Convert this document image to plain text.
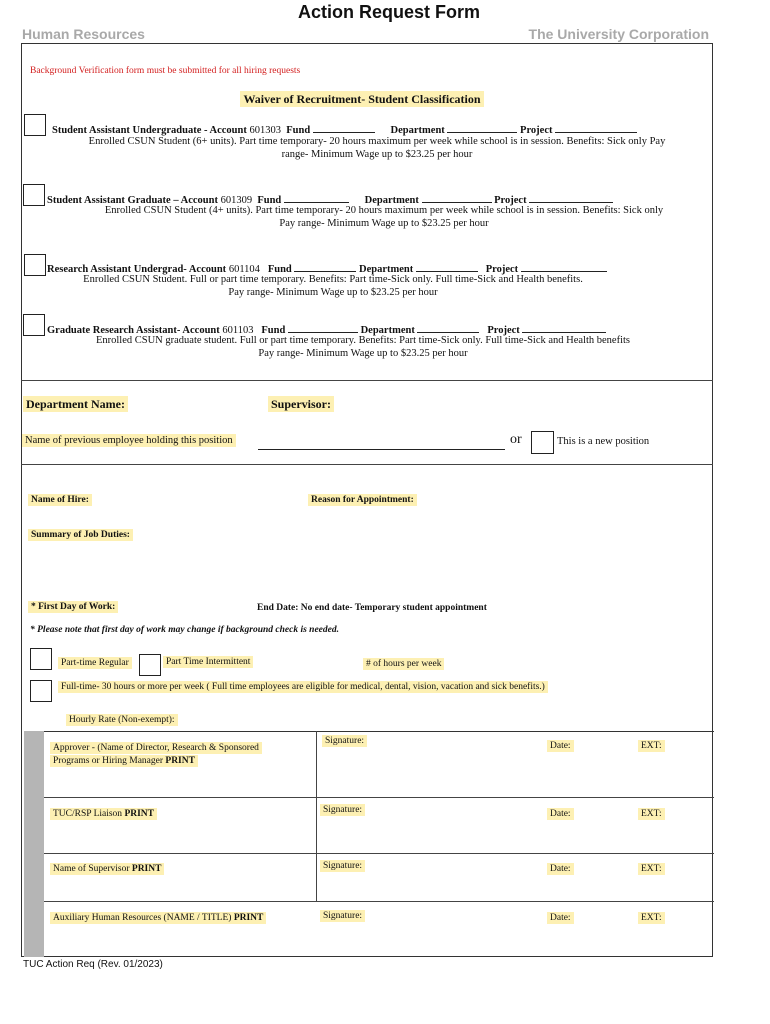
Action Request Form
Human Resources	The University Corporation
Background Verification form must be submitted for all hiring requests
Waiver of Recruitment- Student Classification
Student Assistant Undergraduate - Account 601303 Fund	Department	Project
Enrolled CSUN Student (6+ units). Part time temporary- 20 hours maximum per week while school is in session. Benefits: Sick only Pay
range- Minimum Wage up to $23.25 per hour
Student Assistant Graduate – Account 601309 Fund	Department	Project
Enrolled CSUN Student (4+ units). Part time temporary- 20 hours maximum per week while school is in session. Benefits: Sick only
Pay range- Minimum Wage up to $23.25 per hour
Research Assistant Undergrad- Account 601104 Fund	Department	Project
Enrolled CSUN Student. Full or part time temporary. Benefits: Part time-Sick only. Full time-Sick and Health benefits.
Pay range- Minimum Wage up to $23.25 per hour
Graduate Research Assistant- Account 601103 Fund	Department	Project
Enrolled CSUN graduate student. Full or part time temporary. Benefits: Part time-Sick only. Full time-Sick and Health benefits
Pay range- Minimum Wage up to $23.25 per hour
Department Name:	Supervisor:
Name of previous employee holding this position	or	This is a new position
Name of Hire:	Reason for Appointment:
Summary of Job Duties:
* First Day of Work:	End Date: No end date- Temporary student appointment
* Please note that first day of work may change if background check is needed.
Part-time Regular	Part Time Intermittent	# of hours per week
Full-time- 30 hours or more per week ( Full time employees are eligible for medical, dental, vision, vacation and sick benefits.)
Hourly Rate (Non-exempt):
Approver - (Name of Director, Research & Sponsored
Programs or Hiring Manager PRINT
Signature:	Date:	EXT:
TUC/RSP Liaison PRINT	Signature:	Date:	EXT:
Name of Supervisor PRINT	Signature:	Date:	EXT:
Auxiliary Human Resources (NAME / TITLE) PRINT	Signature:	Date:	EXT:
TUC Action Req (Rev. 01/2023)
